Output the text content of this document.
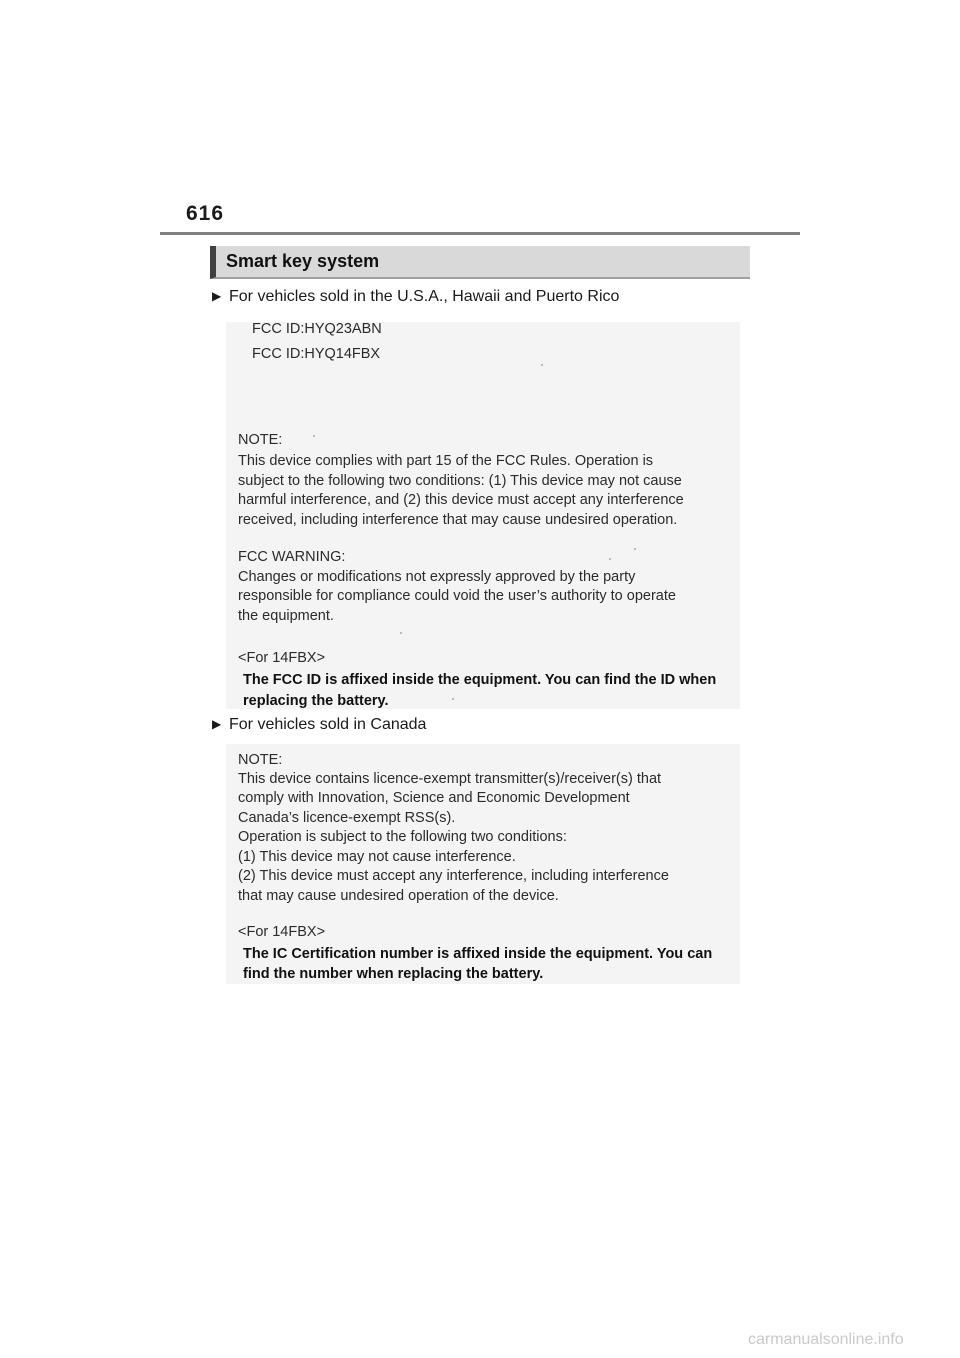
616
Smart key system
▶ For vehicles sold in the U.S.A., Hawaii and Puerto Rico
FCC ID:HYQ23ABN
FCC ID:HYQ14FBX
NOTE:
This device complies with part 15 of the FCC Rules. Operation is
subject to the following two conditions: (1) This device may not cause
harmful interference, and (2) this device must accept any interference
received, including interference that may cause undesired operation.
FCC WARNING:
Changes or modifications not expressly approved by the party
responsible for compliance could void the user’s authority to operate
the equipment.
<For 14FBX>
The FCC ID is affixed inside the equipment. You can find the ID when
replacing the battery.
▶ For vehicles sold in Canada
NOTE:
This device contains licence-exempt transmitter(s)/receiver(s) that
comply with Innovation, Science and Economic Development
Canada’s licence-exempt RSS(s).
Operation is subject to the following two conditions:
(1) This device may not cause interference.
(2) This device must accept any interference, including interference
that may cause undesired operation of the device.
<For 14FBX>
The IC Certification number is affixed inside the equipment. You can
find the number when replacing the battery.
carmanualsonline.info
